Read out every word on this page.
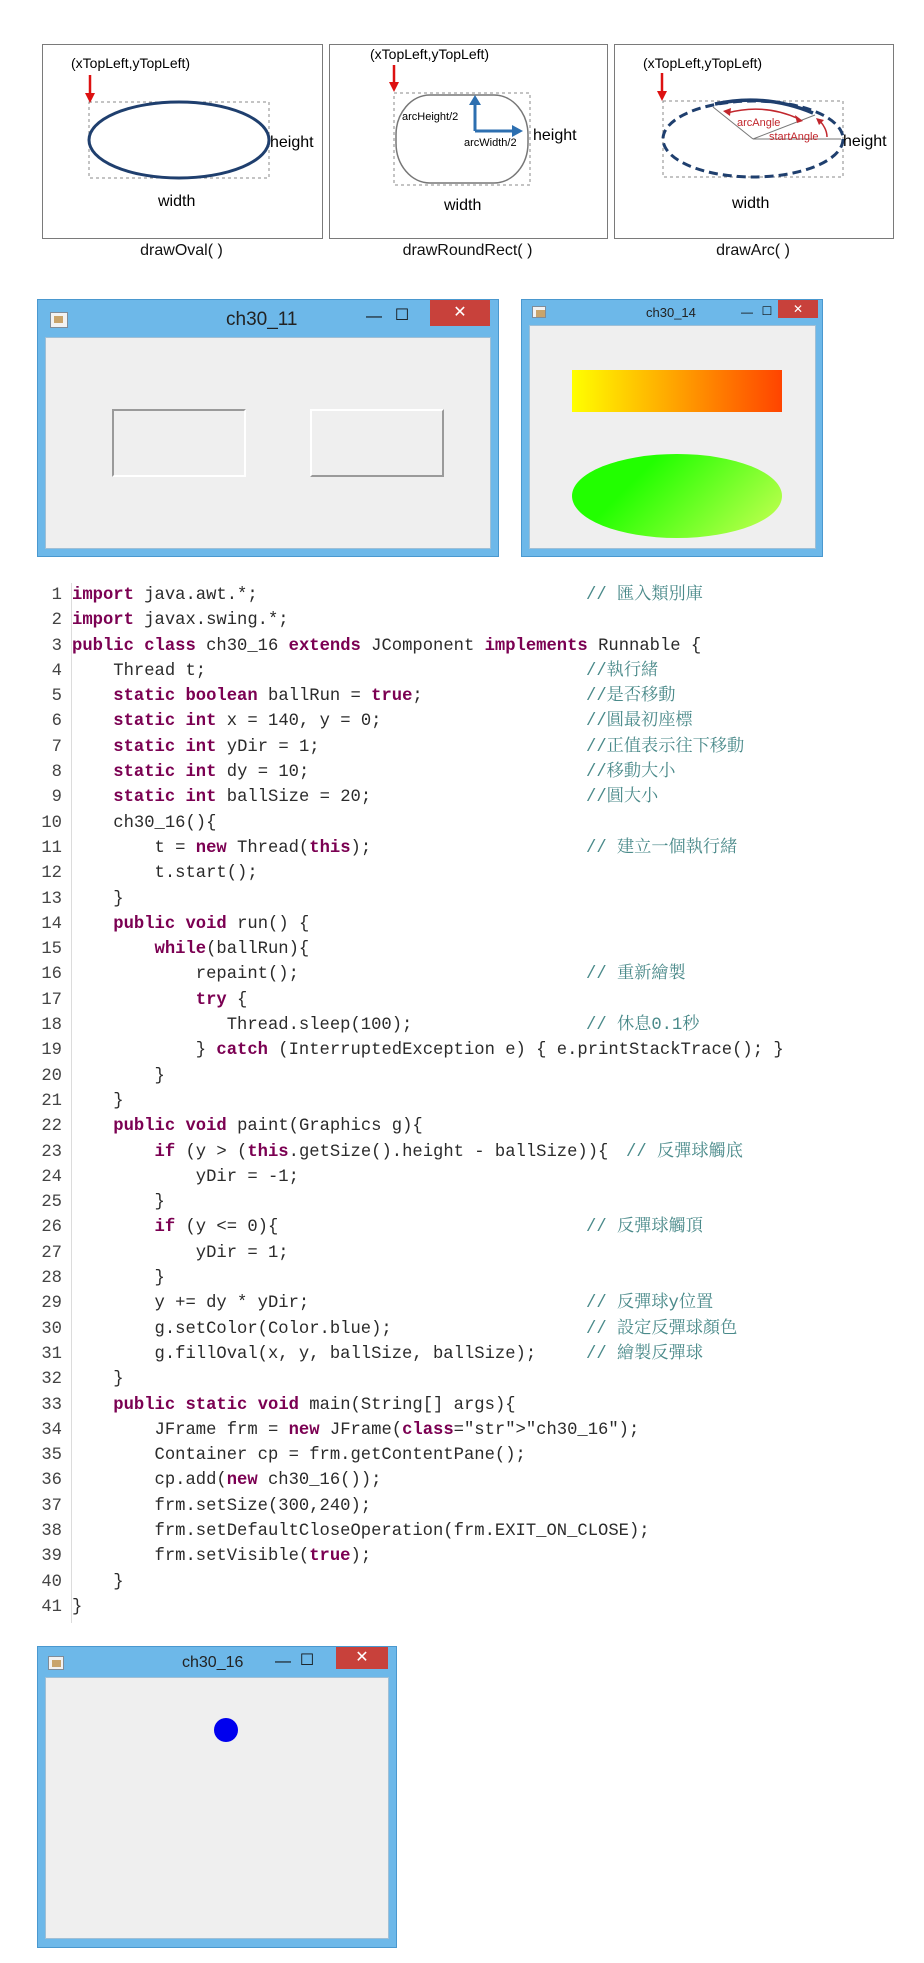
(xTopLeft,yTopLeft)
height
width
drawOval( )
(xTopLeft,yTopLeft)
arcHeight/2
arcWidth/2 height
width
drawRoundRect( )
(xTopLeft,yTopLeft)
arcAngle
startAngle height
width
drawArc( )
ch30_11	— ☐	✕	ch30_14	— ☐	✕
1 import java.awt.*;	// 匯入類別庫
2 import javax.swing.*;
3 public class ch30_16 extends JComponent implements Runnable {
4    Thread t;	//執行緒
5	static boolean ballRun = true;	//是否移動
6	static int x = 140, y = 0;	//圓最初座標
7	static int yDir = 1;	//正值表示往下移動
8	static int dy = 10;	//移動大小
9	static int ballSize = 20;	//圓大小
10    ch30_16(){
11        t = new Thread(this);	// 建立一個執行緒
12        t.start();
13    }
14	public void run() {
15	while(ballRun){
16            repaint();	// 重新繪製
17	try {
18               Thread.sleep(100);	// 休息0.1秒
19            } catch (InterruptedException e) { e.printStackTrace(); }
20        }
21    }
22	public void paint(Graphics g){
23	if (y > (this.getSize().height - ballSize)){ // 反彈球觸底
24            yDir = -1;
25        }
26	if (y <= 0){	// 反彈球觸頂
27            yDir = 1;
28        }
29        y += dy * yDir;	// 反彈球y位置
30        g.setColor(Color.blue);	// 設定反彈球顏色
31        g.fillOval(x, y, ballSize, ballSize);	// 繪製反彈球
32    }
33	public static void main(String[] args){
34        JFrame frm = new JFrame(class="str">"ch30_16");
35        Container cp = frm.getContentPane();
36        cp.add(new ch30_16());
37        frm.setSize(300,240);
38        frm.setDefaultCloseOperation(frm.EXIT_ON_CLOSE);
39        frm.setVisible(true);
40    }
41 }
ch30_16 — ☐	✕
